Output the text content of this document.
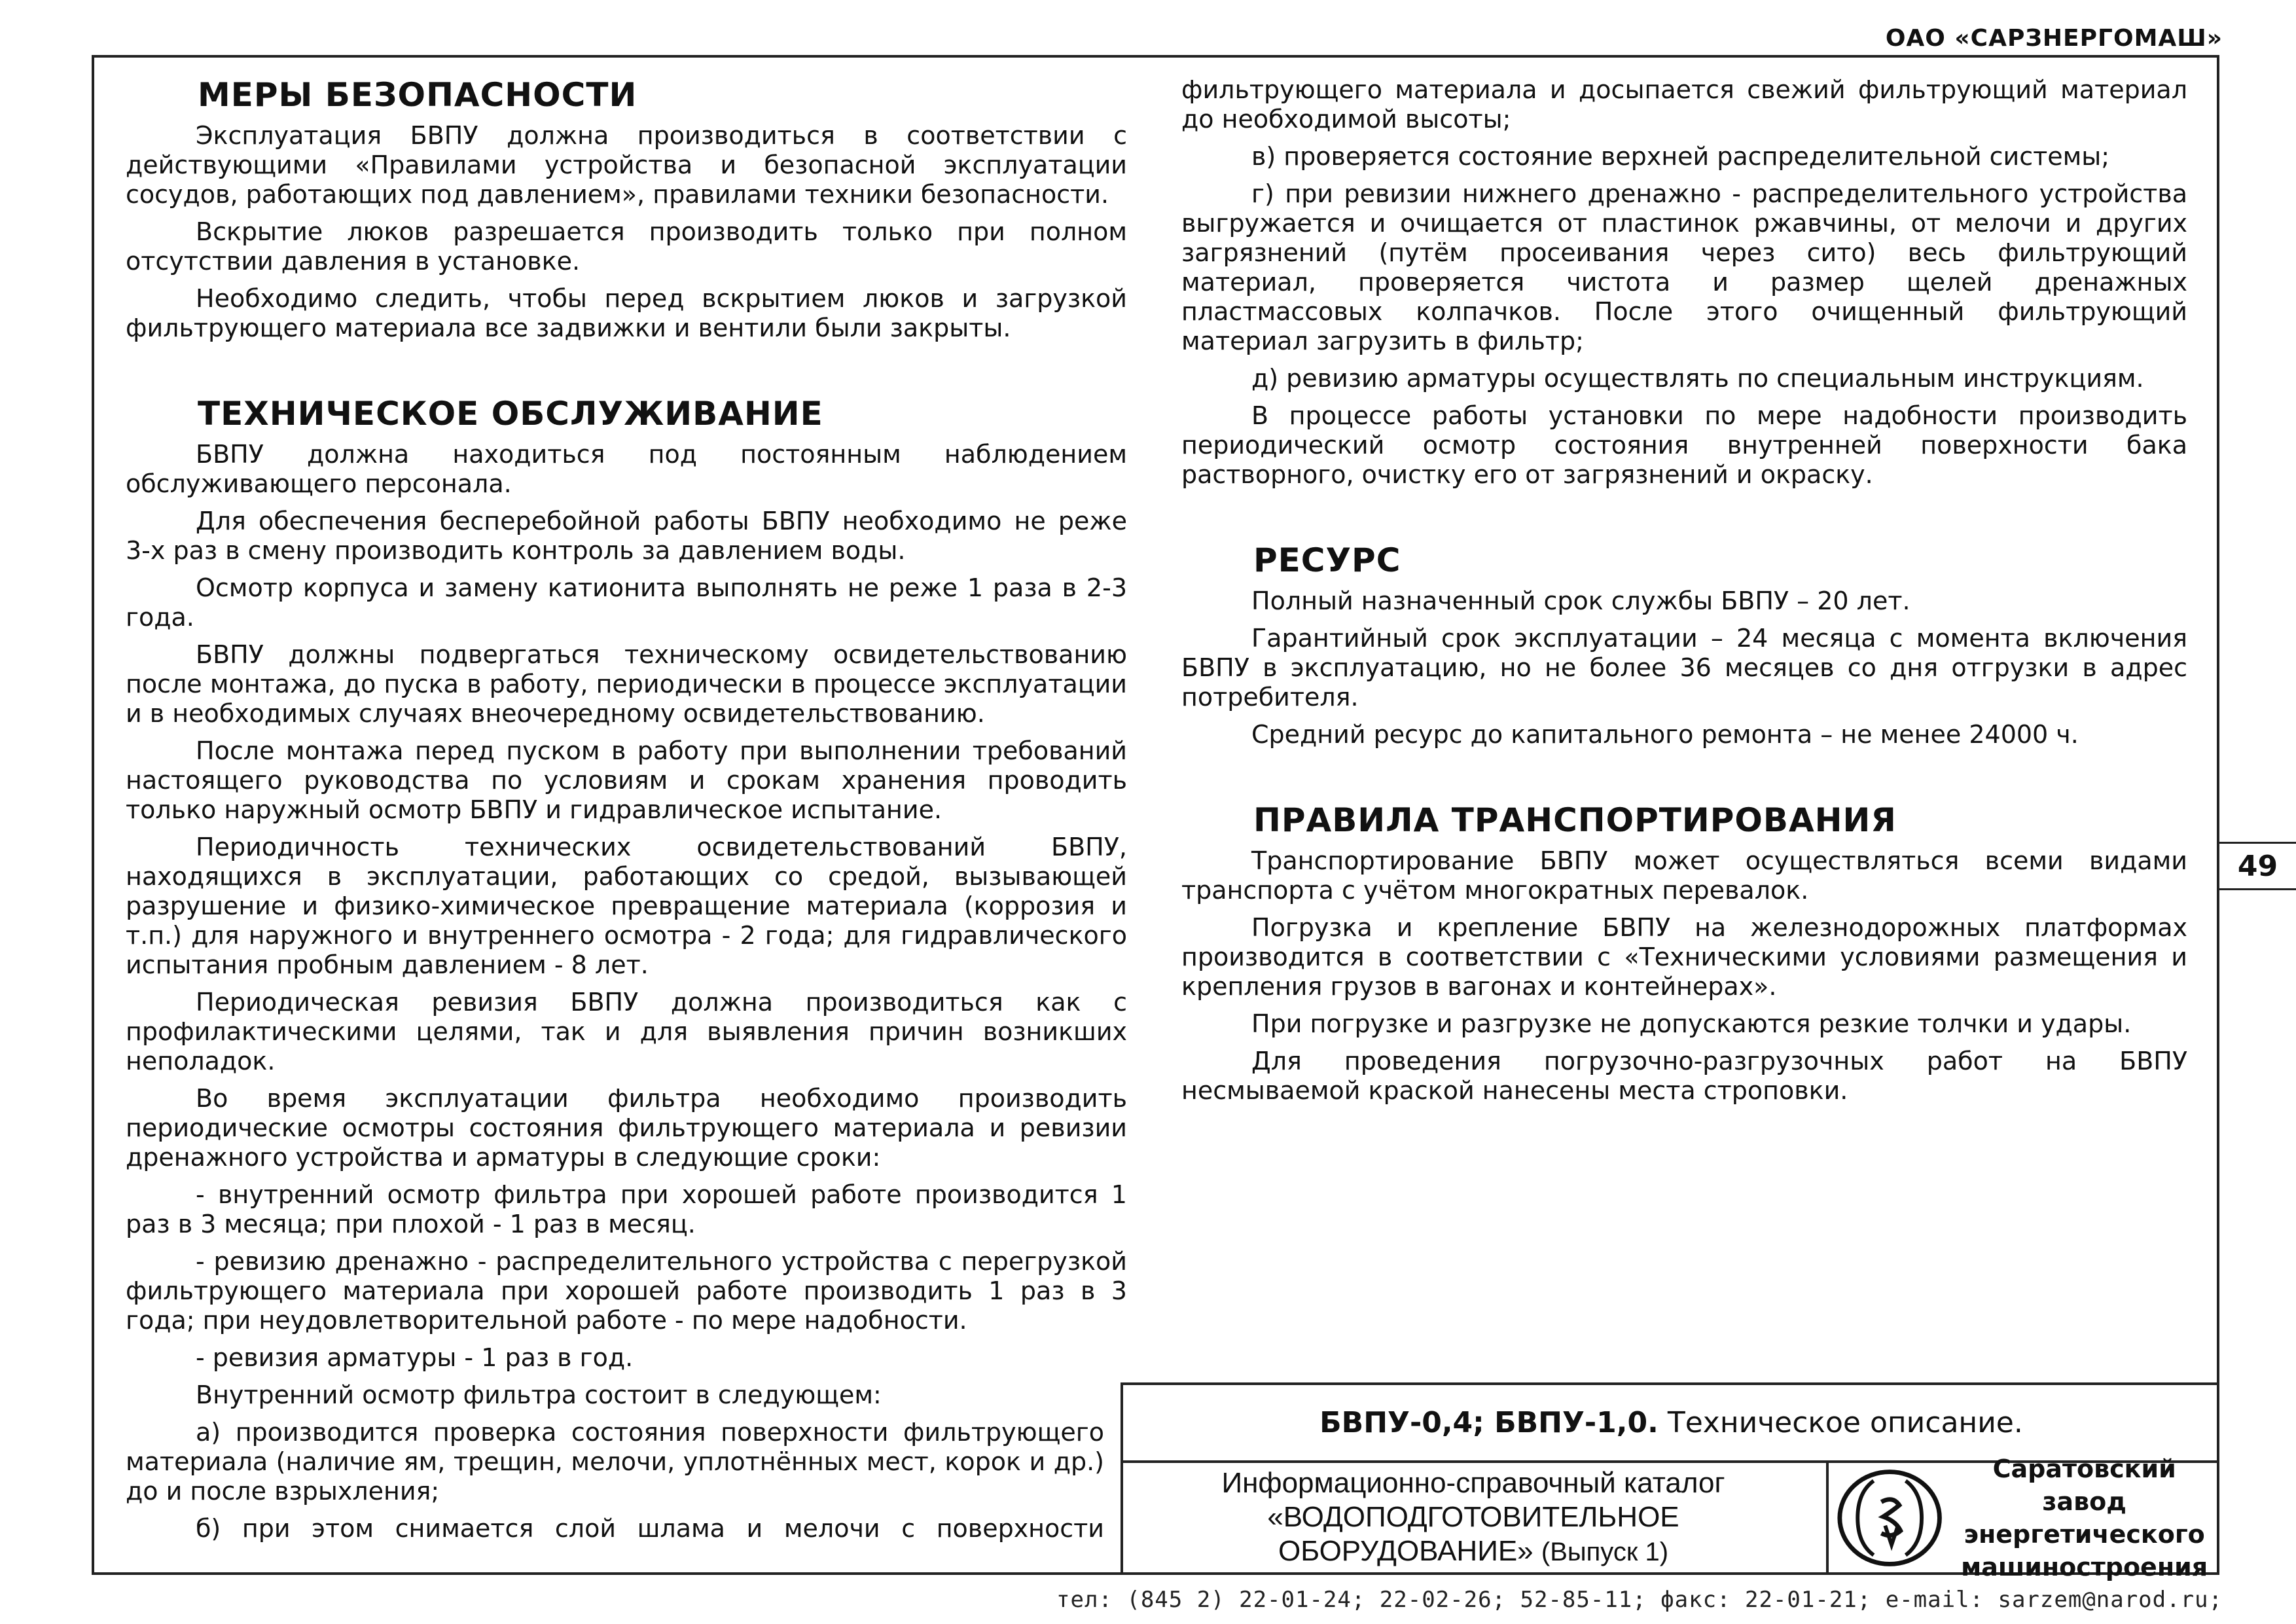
ОАО «САРЗНЕРГОМАШ»
МЕРЫ БЕЗОПАСНОСТИ

Эксплуатация БВПУ должна производиться в соответствии с действующими «Правилами устройства и безопасной эксплуатации сосудов, работающих под давлением», правилами техники безопасности.

Вскрытие люков разрешается производить только при полном отсутствии давления в установке.

Необходимо следить, чтобы перед вскрытием люков и загрузкой фильтрующего материала все задвижки и вентили были закрыты.

ТЕХНИЧЕСКОЕ ОБСЛУЖИВАНИЕ

БВПУ должна находиться под постоянным наблюдением обслуживающего персонала.

Для обеспечения бесперебойной работы БВПУ необходимо не реже 3-х раз в смену производить контроль за давлением воды.

Осмотр корпуса и замену катионита выполнять не реже 1 раза в 2-3 года.

БВПУ должны подвергаться техническому освидетельствованию после монтажа, до пуска в работу, периодически в процессе эксплуатации и в необходимых случаях внеочередному освидетельствованию.

После монтажа перед пуском в работу при выполнении требований настоящего руководства по условиям и срокам хранения проводить только наружный осмотр БВПУ и гидравлическое испытание.

Периодичность технических освидетельствований БВПУ, находящихся в эксплуатации, работающих со средой, вызывающей разрушение и физико-химическое превращение материала (коррозия и т.п.) для наружного и внутреннего осмотра - 2 года; для гидравлического испытания пробным давлением - 8 лет.

Периодическая ревизия БВПУ должна производиться как с профилактическими целями, так и для выявления причин возникших неполадок.

Во время эксплуатации фильтра необходимо производить периодические осмотры состояния фильтрующего материала и ревизии дренажного устройства и арматуры в следующие сроки:

- внутренний осмотр фильтра при хорошей работе производится 1 раз в 3 месяца; при плохой - 1 раз в месяц.

- ревизию дренажно - распределительного устройства с перегрузкой фильтрующего материала при хорошей работе производить 1 раз в 3 года; при неудовлетворительной работе - по мере надобности.

- ревизия арматуры - 1 раз в год.

Внутренний осмотр фильтра состоит в следующем:

а) производится проверка состояния поверхности фильтрующего материала (наличие ям, трещин, мелочи, уплотнённых мест, корок и др.) до и после взрыхления;

б) при этом снимается слой шлама и мелочи с поверхности

фильтрующего материала и досыпается свежий фильтрующий материал до необходимой высоты;

в) проверяется состояние верхней распределительной системы;

г) при ревизии нижнего дренажно - распределительного устройства выгружается и очищается от пластинок ржавчины, от мелочи и других загрязнений (путём просеивания через сито) весь фильтрующий материал, проверяется чистота и размер щелей дренажных пластмассовых колпачков. После этого очищенный фильтрующий материал загрузить в фильтр;

д) ревизию арматуры осуществлять по специальным инструкциям.

В процессе работы установки по мере надобности производить периодический осмотр состояния внутренней поверхности бака растворного, очистку его от загрязнений и окраску.

РЕСУРС

Полный назначенный срок службы БВПУ – 20 лет.

Гарантийный срок эксплуатации – 24 месяца с момента включения БВПУ в эксплуатацию, но не более 36 месяцев со дня отгрузки в адрес потребителя.

Средний ресурс до капитального ремонта – не менее 24000 ч.

ПРАВИЛА ТРАНСПОРТИРОВАНИЯ

Транспортирование БВПУ может осуществляться всеми видами транспорта с учётом многократных перевалок.

Погрузка и крепление БВПУ на железнодорожных платформах производится в соответствии с «Техническими условиями размещения и крепления грузов в вагонах и контейнерах».

При погрузке и разгрузке не допускаются резкие толчки и удары.

Для проведения погрузочно-разгрузочных работ на БВПУ несмываемой краской нанесены места строповки.

БВПУ-0,4; БВПУ-1,0. Техническое описание.
Информационно-справочный каталог
«ВОДОПОДГОТОВИТЕЛЬНОЕ
ОБОРУДОВАНИЕ» (Выпуск 1)
Саратовский завод
энергетического
машиностроения
49
тел: (845 2) 22-01-24; 22-02-26; 52-85-11; факс: 22-01-21; e-mail: sarzem@narod.ru;
